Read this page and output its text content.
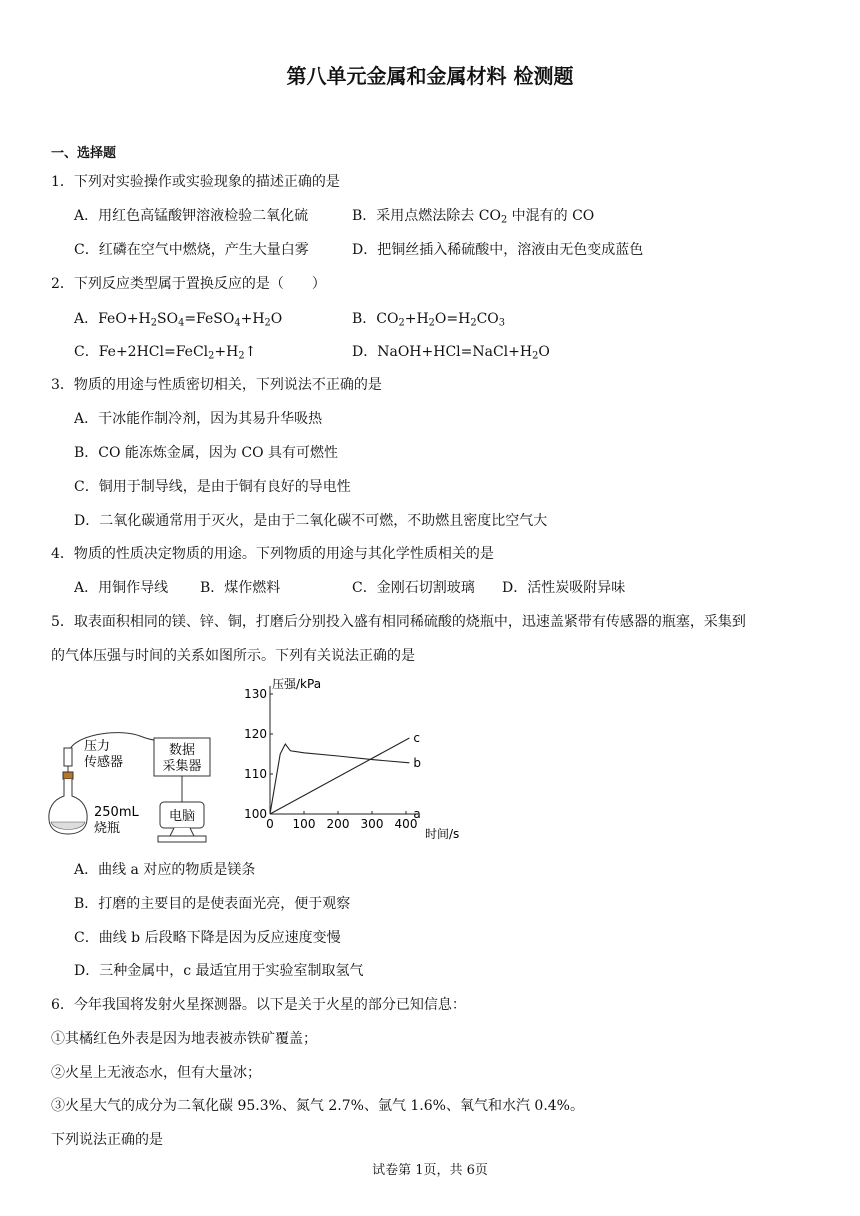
第八单元金属和金属材料 检测题
一、选择题
1．下列对实验操作或实验现象的描述正确的是
A．用红色高锰酸钾溶液检验二氧化硫	B．采用点燃法除去 $CO_2$ 中混有的 CO
C．红磷在空气中燃烧，产生大量白雾	D．把铜丝插入稀硫酸中，溶液由无色变成蓝色
2．下列反应类型属于置换反应的是（　　）
A．$FeO+H_2SO_4=FeSO_4+H_2O$	B．$CO_2+H_2O=H_2CO_3$
C．$Fe+2HCl=FeCl_2+H_2↑$	D．$NaOH+HCl=NaCl+H_2O$
3．物质的用途与性质密切相关，下列说法不正确的是
A．干冰能作制冷剂，因为其易升华吸热
B．CO 能冻炼金属，因为 CO 具有可燃性
C．铜用于制导线，是由于铜有良好的导电性
D．二氧化碳通常用于灭火，是由于二氧化碳不可燃，不助燃且密度比空气大
4．物质的性质决定物质的用途。下列物质的用途与其化学性质相关的是
A．用铜作导线 B．煤作燃料	C．金刚石切割玻璃 D．活性炭吸附异味
5．取表面积相同的镁、锌、铜，打磨后分别投入盛有相同稀硫酸的烧瓶中，迅速盖紧带有传感器的瓶塞，采集到
的气体压强与时间的关系如图所示。下列有关说法正确的是
压力
传感器
250mL
烧瓶
数据
采集器
电脑
压强/kPa
时间/s
0 100 200 300 400
100
110
120
130
a
b
c
A．曲线 a 对应的物质是镁条
B．打磨的主要目的是使表面光亮，便于观察
C．曲线 b 后段略下降是因为反应速度变慢
D．三种金属中，c 最适宜用于实验室制取氢气
6．今年我国将发射火星探测器。以下是关于火星的部分已知信息：
①其橘红色外表是因为地表被赤铁矿覆盖；
②火星上无液态水，但有大量冰；
③火星大气的成分为二氧化碳 95.3%、氮气 2.7%、氩气 1.6%、氧气和水汽 0.4%。
下列说法正确的是
试卷第 1页，共 6页
